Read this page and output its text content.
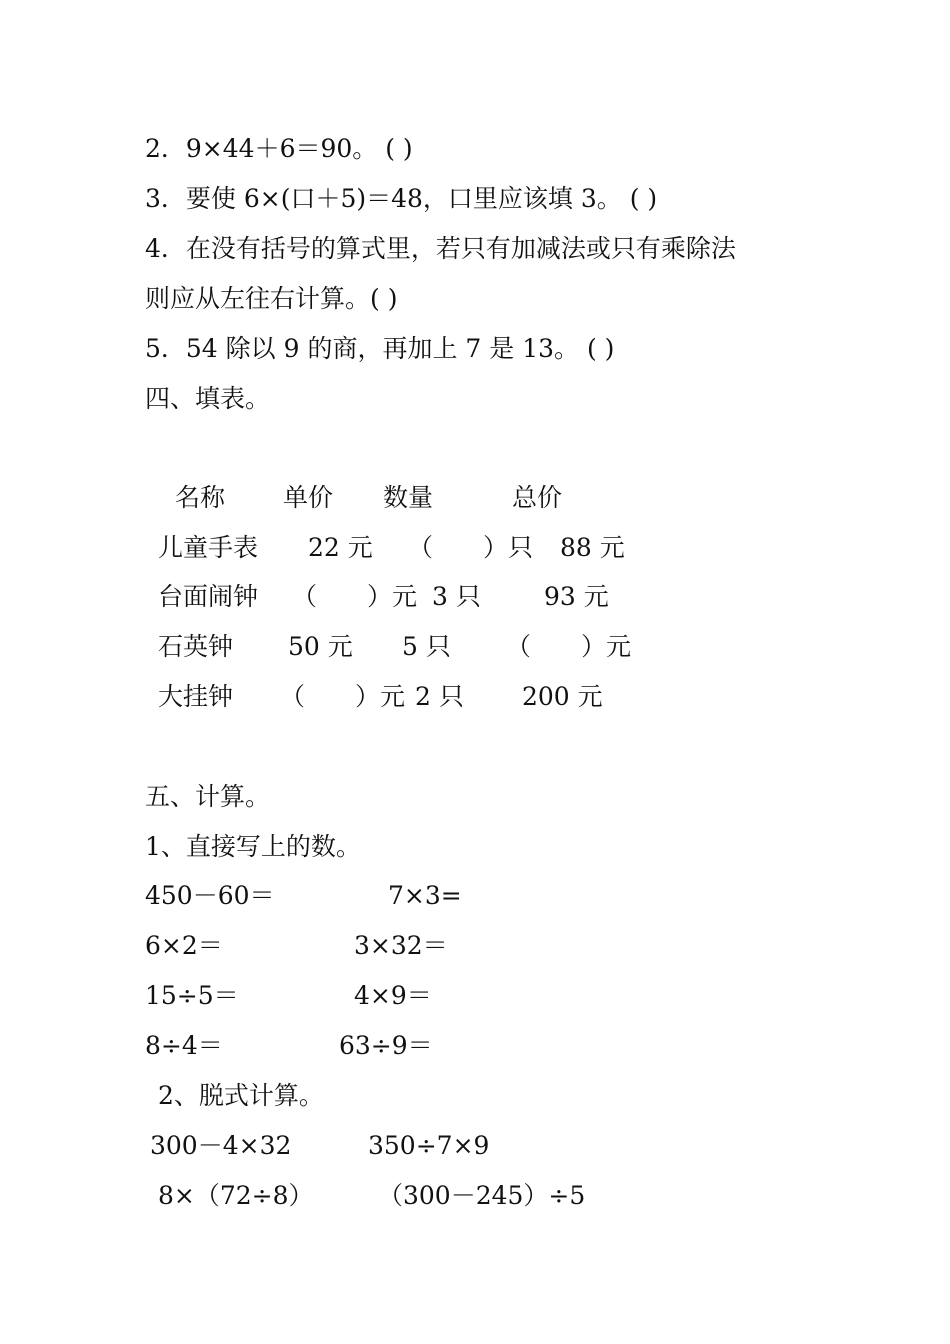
2．9×44＋6＝90。 ( )
3．要使 6×(口＋5)＝48，口里应该填 3。 ( )
4．在没有括号的算式里，若只有加减法或只有乘除法
则应从左往右计算。( )
5．54 除以 9 的商，再加上 7 是 13。 ( )
四、填表。
名称 单价 数量	总价
儿童手表 22 元 （　　）只 88 元
台面闹钟 （　　）元 3 只	93 元
石英钟 50 元 5 只 （　　）元
大挂钟 （　　）元 2 只 200 元
五、计算。
1、直接写上的数。
450－60＝	7×3=
6×2＝	3×32＝
15÷5＝	4×9＝
8÷4＝	63÷9＝
2、脱式计算。
300－4×32	350÷7×9
8×（72÷8）	（300－245）÷5
